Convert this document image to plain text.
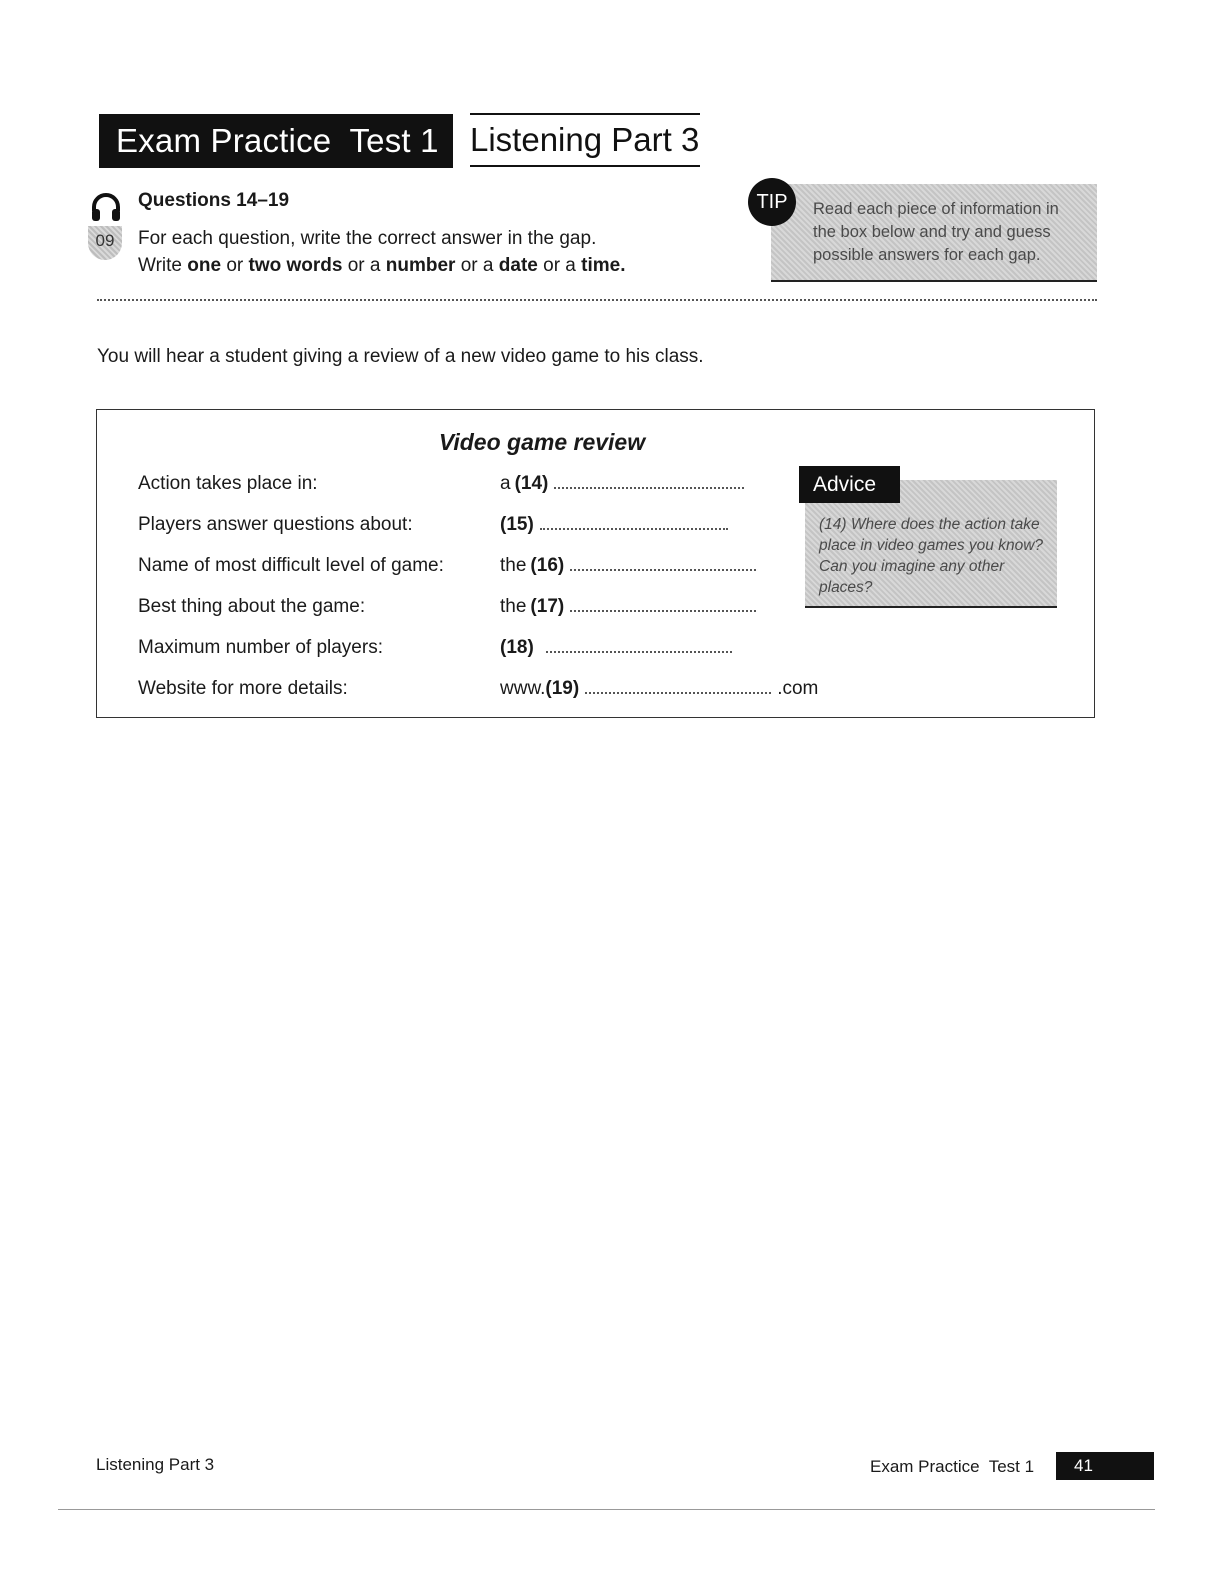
Exam Practice  Test 1 Listening Part 3
09
Questions 14–19
For each question, write the correct answer in the gap.
Write one or two words or a number or a date or a time.
Read each piece of information in the box below and try and guess possible answers for each gap.
TIP
You will hear a student giving a review of a new video game to his class.
Video game review
Action takes place in:	a (14)
Players answer questions about:	(15)
Name of most difficult level of game:	the (16)
Best thing about the game:	the (17)
Maximum number of players:	(18)
Website for more details:	www. (19)	.com
Advice
(14) Where does the action take place in video games you know? Can you imagine any other places?
Listening Part 3	Exam Practice  Test 1	41
